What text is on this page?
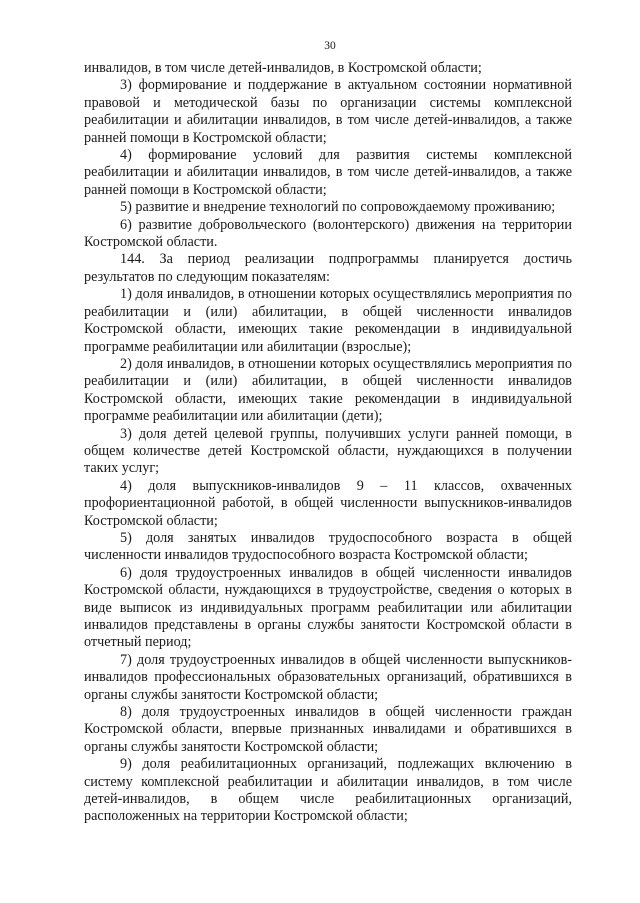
30

инвалидов, в том числе детей-инвалидов, в Костромской области;

3) формирование и поддержание в актуальном состоянии нормативной правовой и методической базы по организации системы комплексной реабилитации и абилитации инвалидов, в том числе детей-инвалидов, а также ранней помощи в Костромской области;

4) формирование условий для развития системы комплексной реабилитации и абилитации инвалидов, в том числе детей-инвалидов, а также ранней помощи в Костромской области;

5) развитие и внедрение технологий по сопровождаемому проживанию;

6) развитие добровольческого (волонтерского) движения на территории Костромской области.

144. За период реализации подпрограммы планируется достичь результатов по следующим показателям:

1) доля инвалидов, в отношении которых осуществлялись мероприятия по реабилитации и (или) абилитации, в общей численности инвалидов Костромской области, имеющих такие рекомендации в индивидуальной программе реабилитации или абилитации (взрослые);

2) доля инвалидов, в отношении которых осуществлялись мероприятия по реабилитации и (или) абилитации, в общей численности инвалидов Костромской области, имеющих такие рекомендации в индивидуальной программе реабилитации или абилитации (дети);

3) доля детей целевой группы, получивших услуги ранней помощи, в общем количестве детей Костромской области, нуждающихся в получении таких услуг;

4) доля выпускников-инвалидов 9 – 11 классов, охваченных профориентационной работой, в общей численности выпускников-инвалидов Костромской области;

5) доля занятых инвалидов трудоспособного возраста в общей численности инвалидов трудоспособного возраста Костромской области;

6) доля трудоустроенных инвалидов в общей численности инвалидов Костромской области, нуждающихся в трудоустройстве, сведения о которых в виде выписок из индивидуальных программ реабилитации или абилитации инвалидов представлены в органы службы занятости Костромской области в отчетный период;

7) доля трудоустроенных инвалидов в общей численности выпускников-инвалидов профессиональных образовательных организаций, обратившихся в органы службы занятости Костромской области;

8) доля трудоустроенных инвалидов в общей численности граждан Костромской области, впервые признанных инвалидами и обратившихся в органы службы занятости Костромской области;

9) доля реабилитационных организаций, подлежащих включению в систему комплексной реабилитации и абилитации инвалидов, в том числе детей-инвалидов, в общем числе реабилитационных организаций, расположенных на территории Костромской области;
